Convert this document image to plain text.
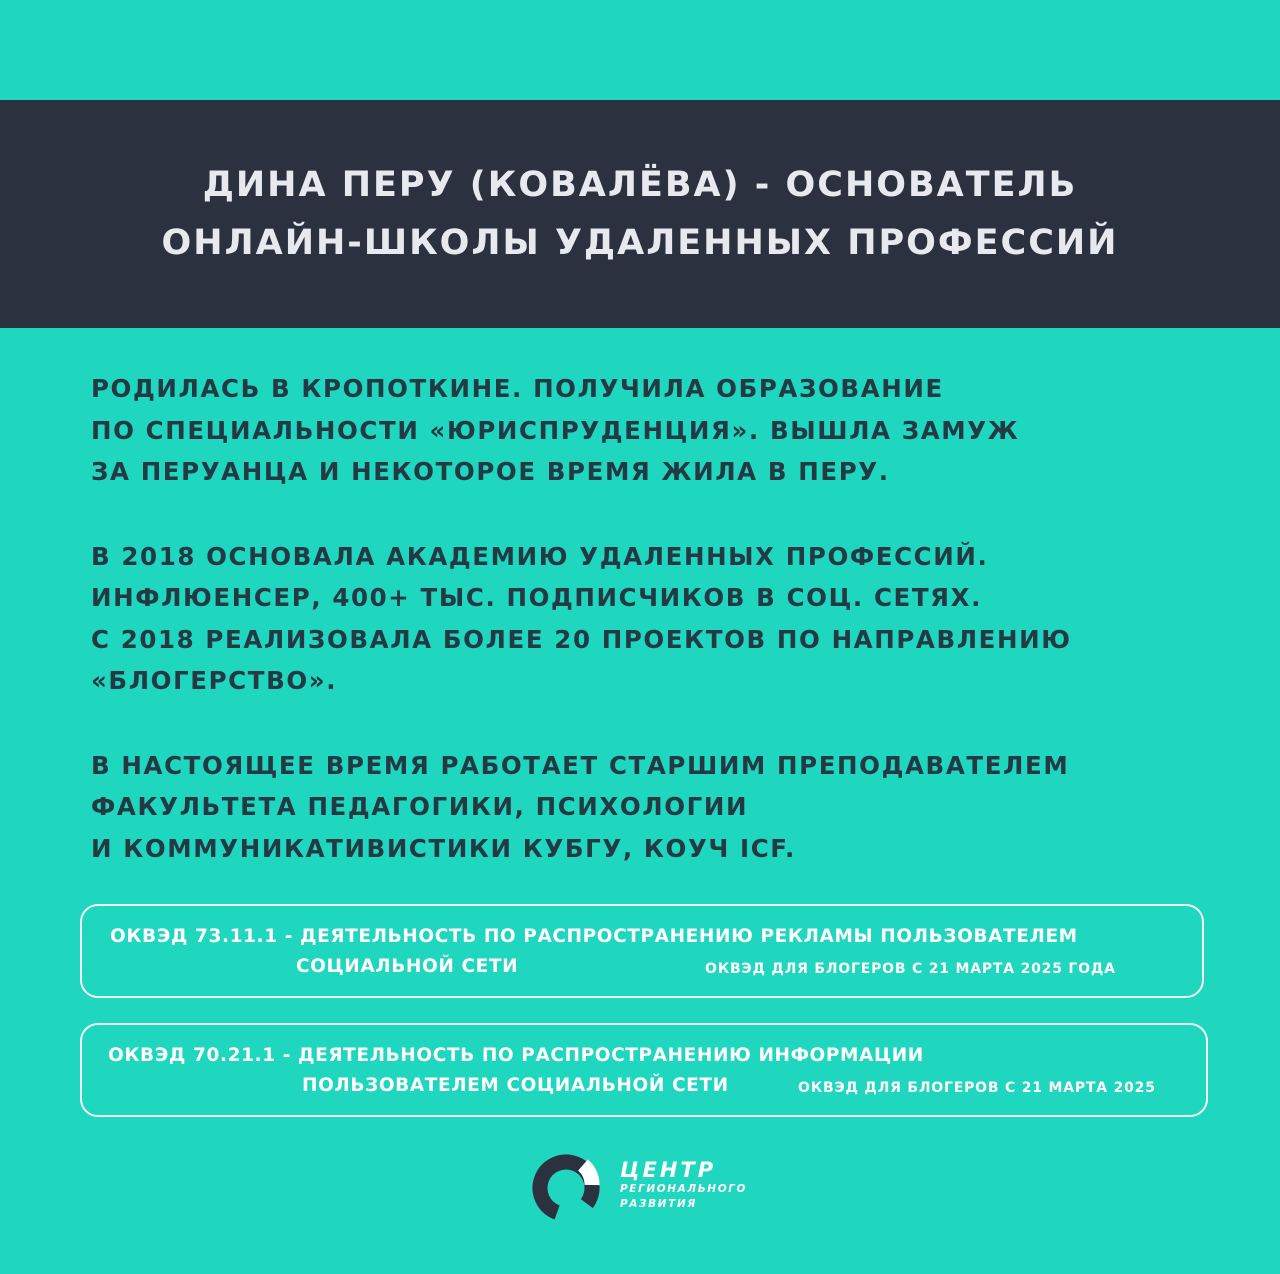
ДИНА ПЕРУ (КОВАЛЁВА) - ОСНОВАТЕЛЬ
ОНЛАЙН-ШКОЛЫ УДАЛЕННЫХ ПРОФЕССИЙ
РОДИЛАСЬ В КРОПОТКИНЕ. ПОЛУЧИЛА ОБРАЗОВАНИЕ
ПО СПЕЦИАЛЬНОСТИ «ЮРИСПРУДЕНЦИЯ». ВЫШЛА ЗАМУЖ
ЗА ПЕРУАНЦА И НЕКОТОРОЕ ВРЕМЯ ЖИЛА В ПЕРУ.
В 2018 ОСНОВАЛА АКАДЕМИЮ УДАЛЕННЫХ ПРОФЕССИЙ.
ИНФЛЮЕНСЕР, 400+ ТЫС. ПОДПИСЧИКОВ В СОЦ. СЕТЯХ.
С 2018 РЕАЛИЗОВАЛА БОЛЕЕ 20 ПРОЕКТОВ ПО НАПРАВЛЕНИЮ
«БЛОГЕРСТВО».
В НАСТОЯЩЕЕ ВРЕМЯ РАБОТАЕТ СТАРШИМ ПРЕПОДАВАТЕЛЕМ
ФАКУЛЬТЕТА ПЕДАГОГИКИ, ПСИХОЛОГИИ
И КОММУНИКАТИВИСТИКИ КУБГУ, КОУЧ ICF.
ОКВЭД 73.11.1 - ДЕЯТЕЛЬНОСТЬ ПО РАСПРОСТРАНЕНИЮ РЕКЛАМЫ ПОЛЬЗОВАТЕЛЕМ
СОЦИАЛЬНОЙ СЕТИ	ОКВЭД ДЛЯ БЛОГЕРОВ С 21 МАРТА 2025 ГОДА
ОКВЭД 70.21.1 - ДЕЯТЕЛЬНОСТЬ ПО РАСПРОСТРАНЕНИЮ ИНФОРМАЦИИ
ПОЛЬЗОВАТЕЛЕМ СОЦИАЛЬНОЙ СЕТИ	ОКВЭД ДЛЯ БЛОГЕРОВ С 21 МАРТА 2025
ЦЕНТР
РЕГИОНАЛЬНОГО
РАЗВИТИЯ
